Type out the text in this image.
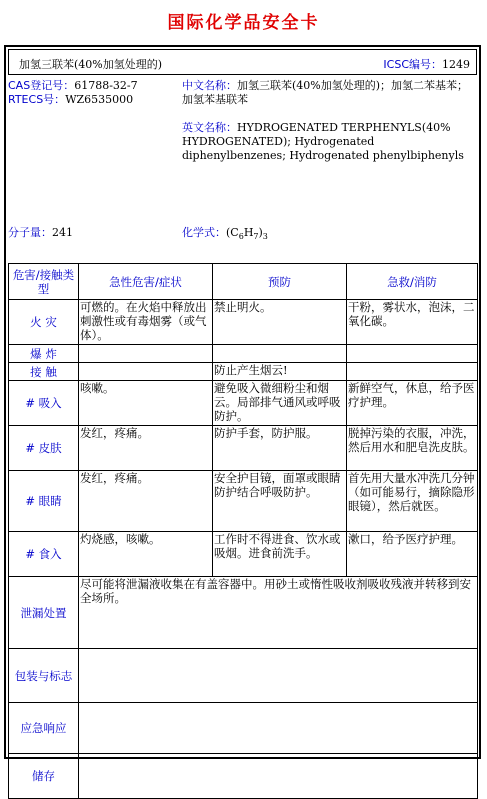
国际化学品安全卡
加氢三联苯(40%加氢处理的)	ICSC编号：1249
CAS登记号：61788-32-7
RTECS号：WZ6535000
中文名称：加氢三联苯(40%加氢处理的)；加氢二苯基苯；加氢苯基联苯
英文名称：HYDROGENATED TERPHENYLS(40% HYDROGENATED); Hydrogenated diphenylbenzenes; Hydrogenated phenylbiphenyls
分子量：241	化学式：$(C_6H_7)_3$
危害/接触类型	急性危害/症状	预防	急救/消防
火 灾	可燃的。在火焰中释放出刺激性或有毒烟雾（或气体）。	禁止明火。	干粉，雾状水，泡沫，二氧化碳。
爆 炸			
接 触		防止产生烟云!	
# 吸入	咳嗽。	避免吸入微细粉尘和烟云。局部排气通风或呼吸防护。	新鲜空气，休息，给予医疗护理。
# 皮肤	发红，疼痛。	防护手套，防护服。	脱掉污染的衣服，冲洗，然后用水和肥皂洗皮肤。
# 眼睛	发红，疼痛。	安全护目镜，面罩或眼睛防护结合呼吸防护。	首先用大量水冲洗几分钟（如可能易行，摘除隐形眼镜），然后就医。
# 食入	灼烧感，咳嗽。	工作时不得进食、饮水或吸烟。进食前洗手。	漱口，给予医疗护理。
泄漏处置	尽可能将泄漏液收集在有盖容器中。用砂土或惰性吸收剂吸收残液并转移到安全场所。		
包装与标志			
应急响应			
储存			
